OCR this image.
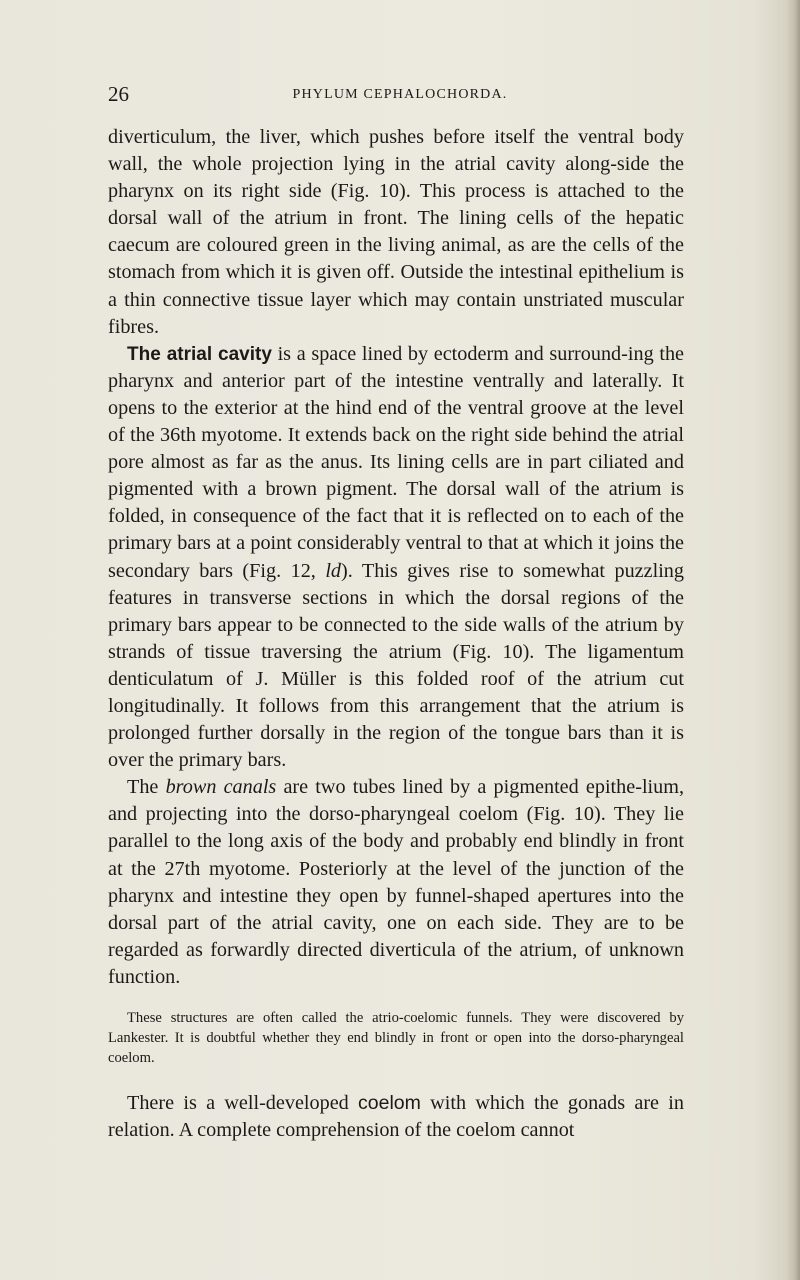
26	PHYLUM CEPHALOCHORDA.

diverticulum, the liver, which pushes before itself the ventral body wall, the whole projection lying in the atrial cavity along-side the pharynx on its right side (Fig. 10). This process is attached to the dorsal wall of the atrium in front. The lining cells of the hepatic caecum are coloured green in the living animal, as are the cells of the stomach from which it is given off. Outside the intestinal epithelium is a thin connective tissue layer which may contain unstriated muscular fibres.

The atrial cavity is a space lined by ectoderm and surround-ing the pharynx and anterior part of the intestine ventrally and laterally. It opens to the exterior at the hind end of the ventral groove at the level of the 36th myotome. It extends back on the right side behind the atrial pore almost as far as the anus. Its lining cells are in part ciliated and pigmented with a brown pigment. The dorsal wall of the atrium is folded, in consequence of the fact that it is reflected on to each of the primary bars at a point considerably ventral to that at which it joins the secondary bars (Fig. 12, ld). This gives rise to somewhat puzzling features in transverse sections in which the dorsal regions of the primary bars appear to be connected to the side walls of the atrium by strands of tissue traversing the atrium (Fig. 10). The ligamentum denticulatum of J. Müller is this folded roof of the atrium cut longitudinally. It follows from this arrangement that the atrium is prolonged further dorsally in the region of the tongue bars than it is over the primary bars.

The brown canals are two tubes lined by a pigmented epithe-lium, and projecting into the dorso-pharyngeal coelom (Fig. 10). They lie parallel to the long axis of the body and probably end blindly in front at the 27th myotome. Posteriorly at the level of the junction of the pharynx and intestine they open by funnel-shaped apertures into the dorsal part of the atrial cavity, one on each side. They are to be regarded as forwardly directed diverticula of the atrium, of unknown function.

These structures are often called the atrio-coelomic funnels. They were discovered by Lankester. It is doubtful whether they end blindly in front or open into the dorso-pharyngeal coelom.

There is a well-developed coelom with which the gonads are in relation. A complete comprehension of the coelom cannot
